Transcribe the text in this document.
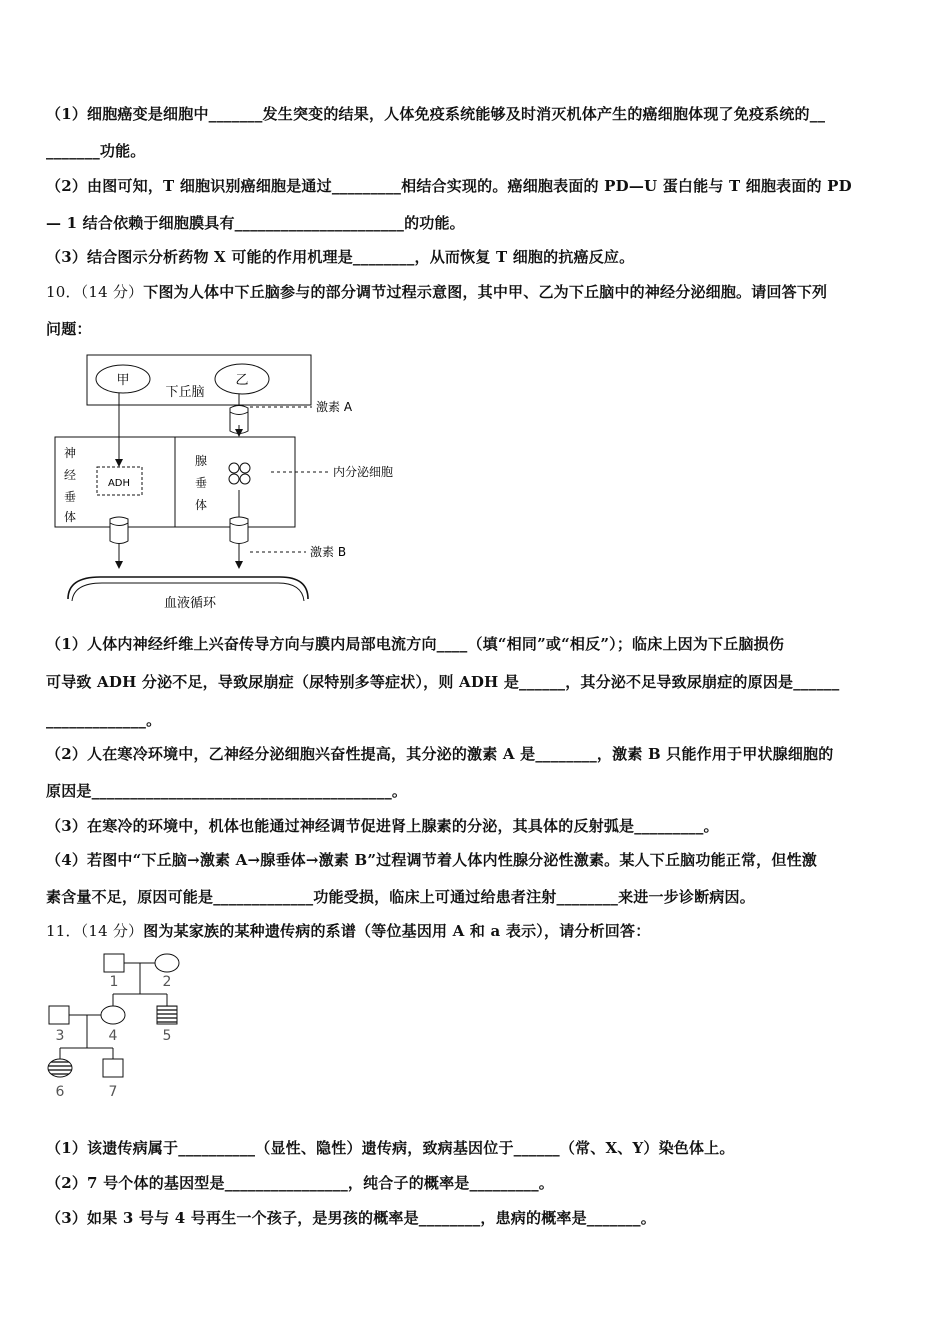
（1）细胞癌变是细胞中_______发生突变的结果，人体免疫系统能够及时消灭机体产生的癌细胞体现了免疫系统的__
_______功能。
（2）由图可知，T 细胞识别癌细胞是通过_________相结合实现的。癌细胞表面的 PD—U 蛋白能与 T 细胞表面的 PD
— 1 结合依赖于细胞膜具有______________________的功能。
（3）结合图示分析药物 X 可能的作用机理是________，从而恢复 T 细胞的抗癌反应。
10．（14 分）下图为人体中下丘脑参与的部分调节过程示意图，其中甲、乙为下丘脑中的神经分泌细胞。请回答下列
问题：
甲	乙
下丘脑
激素 A
神
经
垂
体
ADH
腺
垂
体
内分泌细胞
激素 B
血液循环
（1）人体内神经纤维上兴奋传导方向与膜内局部电流方向____（填“相同”或“相反”）；临床上因为下丘脑损伤
可导致 ADH 分泌不足，导致尿崩症（尿特别多等症状），则 ADH 是______，其分泌不足导致尿崩症的原因是______
_____________。
（2）人在寒冷环境中，乙神经分泌细胞兴奋性提高，其分泌的激素 A 是________，激素 B 只能作用于甲状腺细胞的
原因是_______________________________________。
（3）在寒冷的环境中，机体也能通过神经调节促进肾上腺素的分泌，其具体的反射弧是_________。
（4）若图中“下丘脑→激素 A→腺垂体→激素 B”过程调节着人体内性腺分泌性激素。某人下丘脑功能正常，但性激
素含量不足，原因可能是_____________功能受损，临床上可通过给患者注射________来进一步诊断病因。
11．（14 分）图为某家族的某种遗传病的系谱（等位基因用 A 和 a 表示），请分析回答：
1	2
3	4	5
6	7
（1）该遗传病属于__________（显性、隐性）遗传病，致病基因位于______（常、X、Y）染色体上。
（2）7 号个体的基因型是________________，纯合子的概率是_________。
（3）如果 3 号与 4 号再生一个孩子，是男孩的概率是________，患病的概率是_______。
